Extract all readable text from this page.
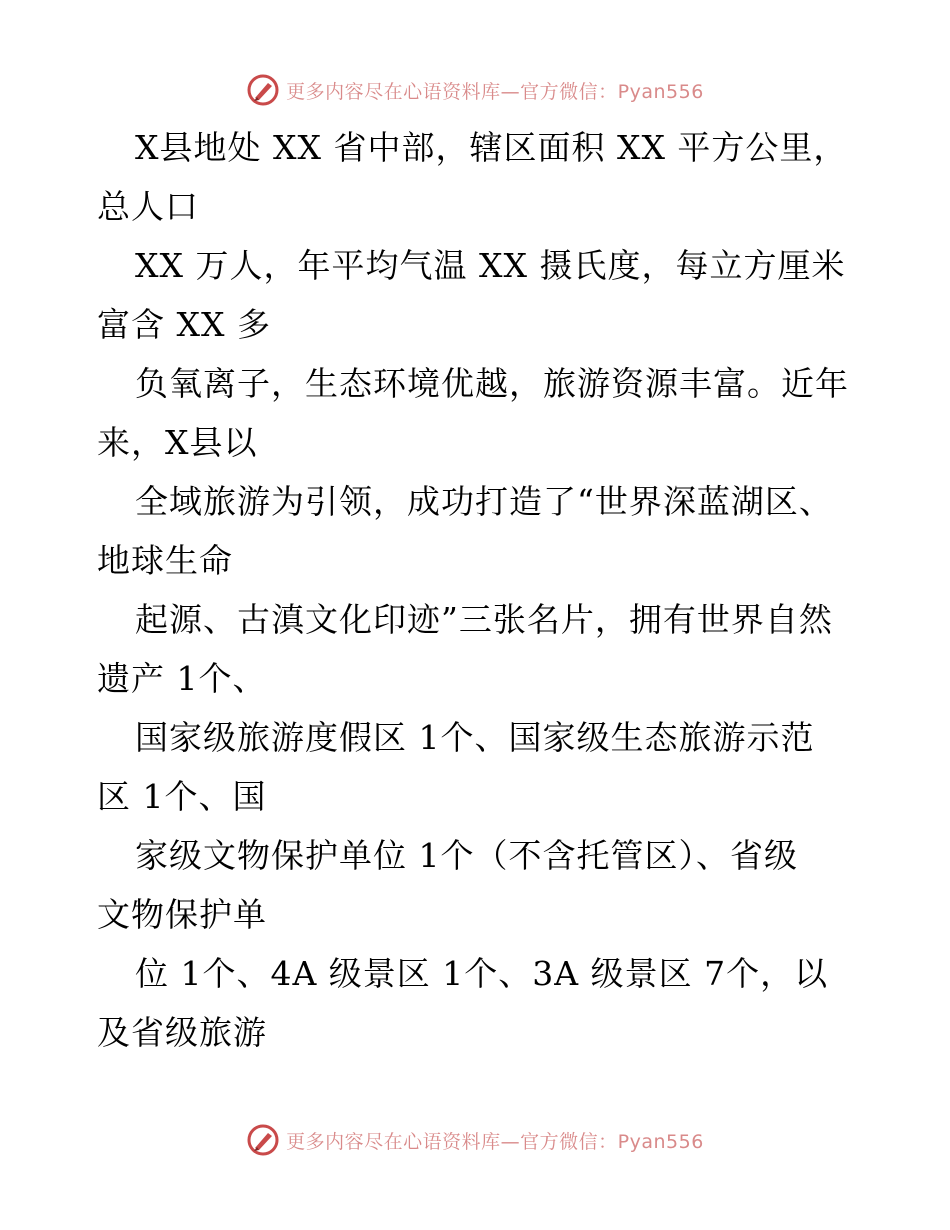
更多内容尽在心语资料库—官方微信：Pyan556
X县地处 XX 省中部，辖区面积 XX 平方公里，
总人口
XX 万人，年平均气温 XX 摄氏度，每立方厘米
富含 XX 多
负氧离子，生态环境优越，旅游资源丰富。近年
来，X县以
全域旅游为引领，成功打造了“世界深蓝湖区、
地球生命
起源、古滇文化印迹”三张名片，拥有世界自然
遗产 1个、
国家级旅游度假区 1个、国家级生态旅游示范
区 1个、国
家级文物保护单位 1个（不含托管区）、省级
文物保护单
位 1个、4A 级景区 1个、3A 级景区 7个，以
及省级旅游
更多内容尽在心语资料库—官方微信：Pyan556
